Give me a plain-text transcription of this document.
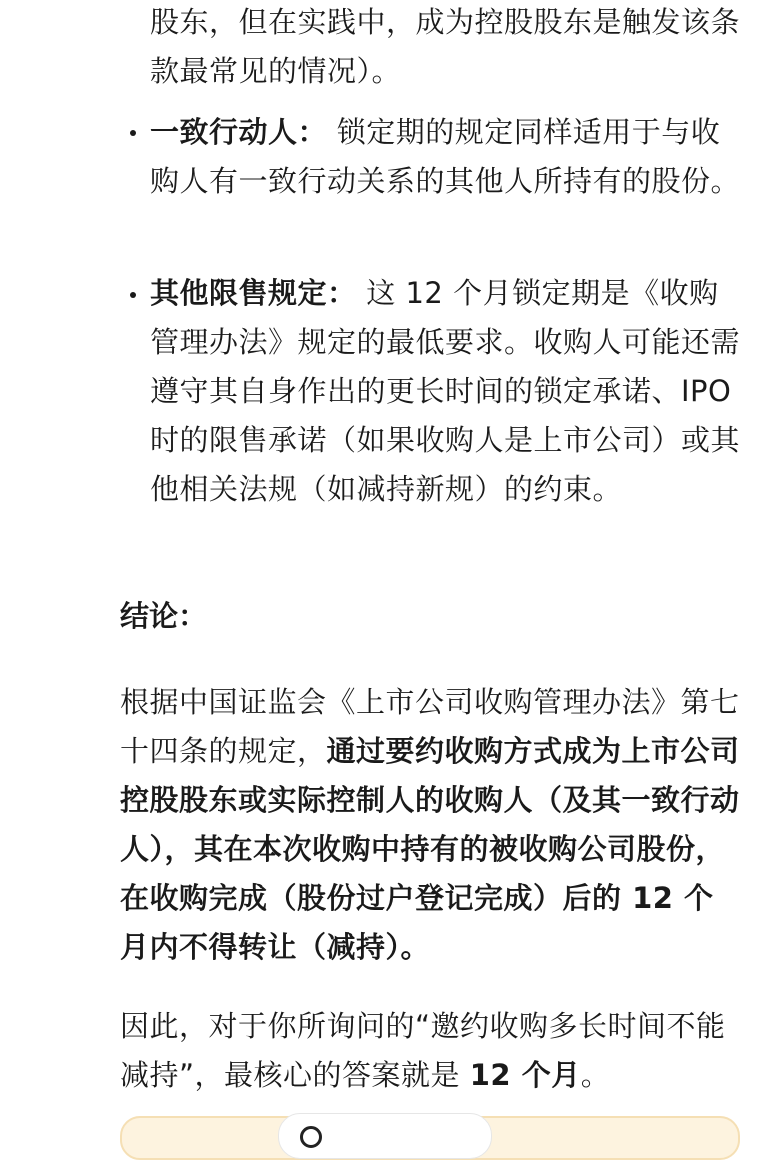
股东，但在实践中，成为控股股东是触发该条款最常见的情况）。
一致行动人： 锁定期的规定同样适用于与收购人有一致行动关系的其他人所持有的股份。
其他限售规定： 这 12 个月锁定期是《收购管理办法》规定的最低要求。收购人可能还需遵守其自身作出的更长时间的锁定承诺、IPO 时的限售承诺（如果收购人是上市公司）或其他相关法规（如减持新规）的约束。
结论：
根据中国证监会《上市公司收购管理办法》第七十四条的规定，通过要约收购方式成为上市公司控股股东或实际控制人的收购人（及其一致行动人），其在本次收购中持有的被收购公司股份，在收购完成（股份过户登记完成）后的 12 个月内不得转让（减持）。
因此，对于你所询问的“邀约收购多长时间不能减持”，最核心的答案就是 12 个月。
